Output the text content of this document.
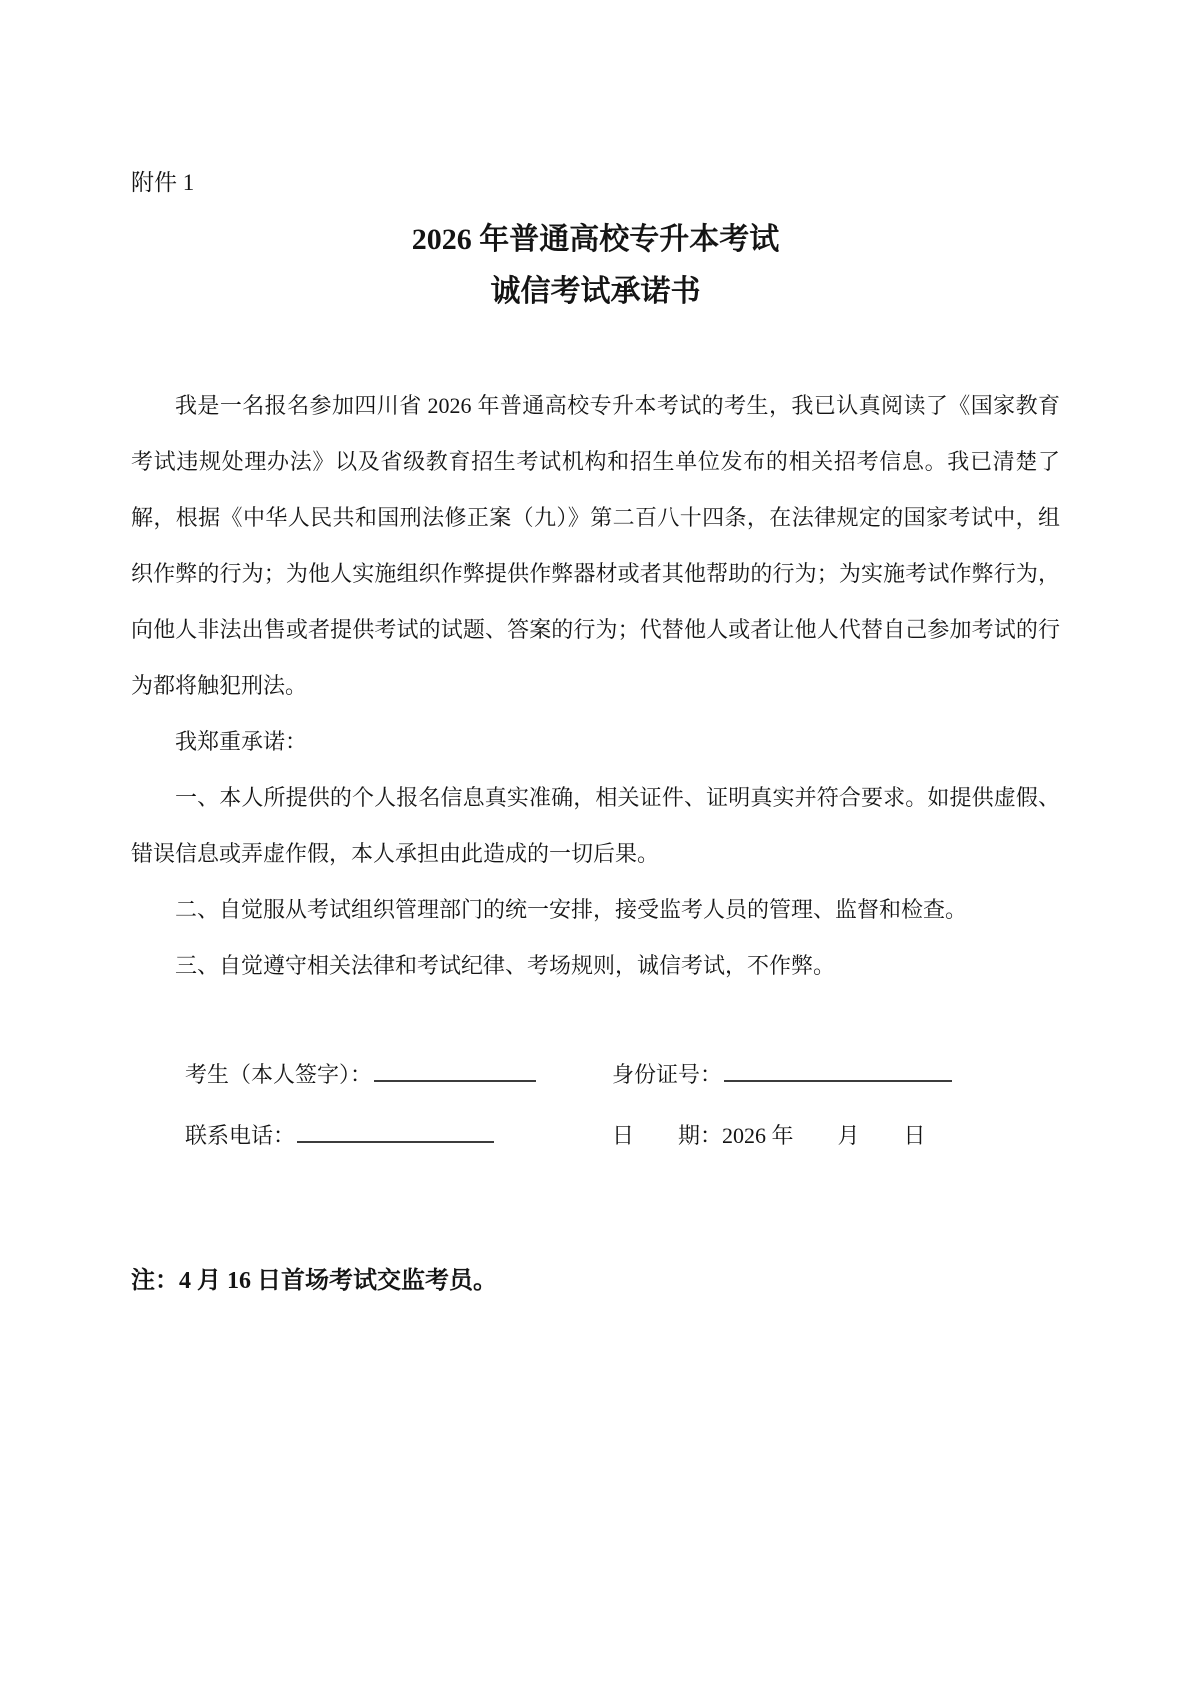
附件 1
2026 年普通高校专升本考试
诚信考试承诺书

我是一名报名参加四川省 2026 年普通高校专升本考试的考生，我已认真阅读了《国家教育考试违规处理办法》以及省级教育招生考试机构和招生单位发布的相关招考信息。我已清楚了解，根据《中华人民共和国刑法修正案（九）》第二百八十四条，在法律规定的国家考试中，组织作弊的行为；为他人实施组织作弊提供作弊器材或者其他帮助的行为；为实施考试作弊行为，向他人非法出售或者提供考试的试题、答案的行为；代替他人或者让他人代替自己参加考试的行为都将触犯刑法。

我郑重承诺：

一、本人所提供的个人报名信息真实准确，相关证件、证明真实并符合要求。如提供虚假、错误信息或弄虚作假，本人承担由此造成的一切后果。

二、自觉服从考试组织管理部门的统一安排，接受监考人员的管理、监督和检查。

三、自觉遵守相关法律和考试纪律、考场规则，诚信考试，不作弊。

考生（本人签字）：	身份证号：
联系电话：	日　　期：2026 年　　月　　日
注：4 月 16 日首场考试交监考员。
